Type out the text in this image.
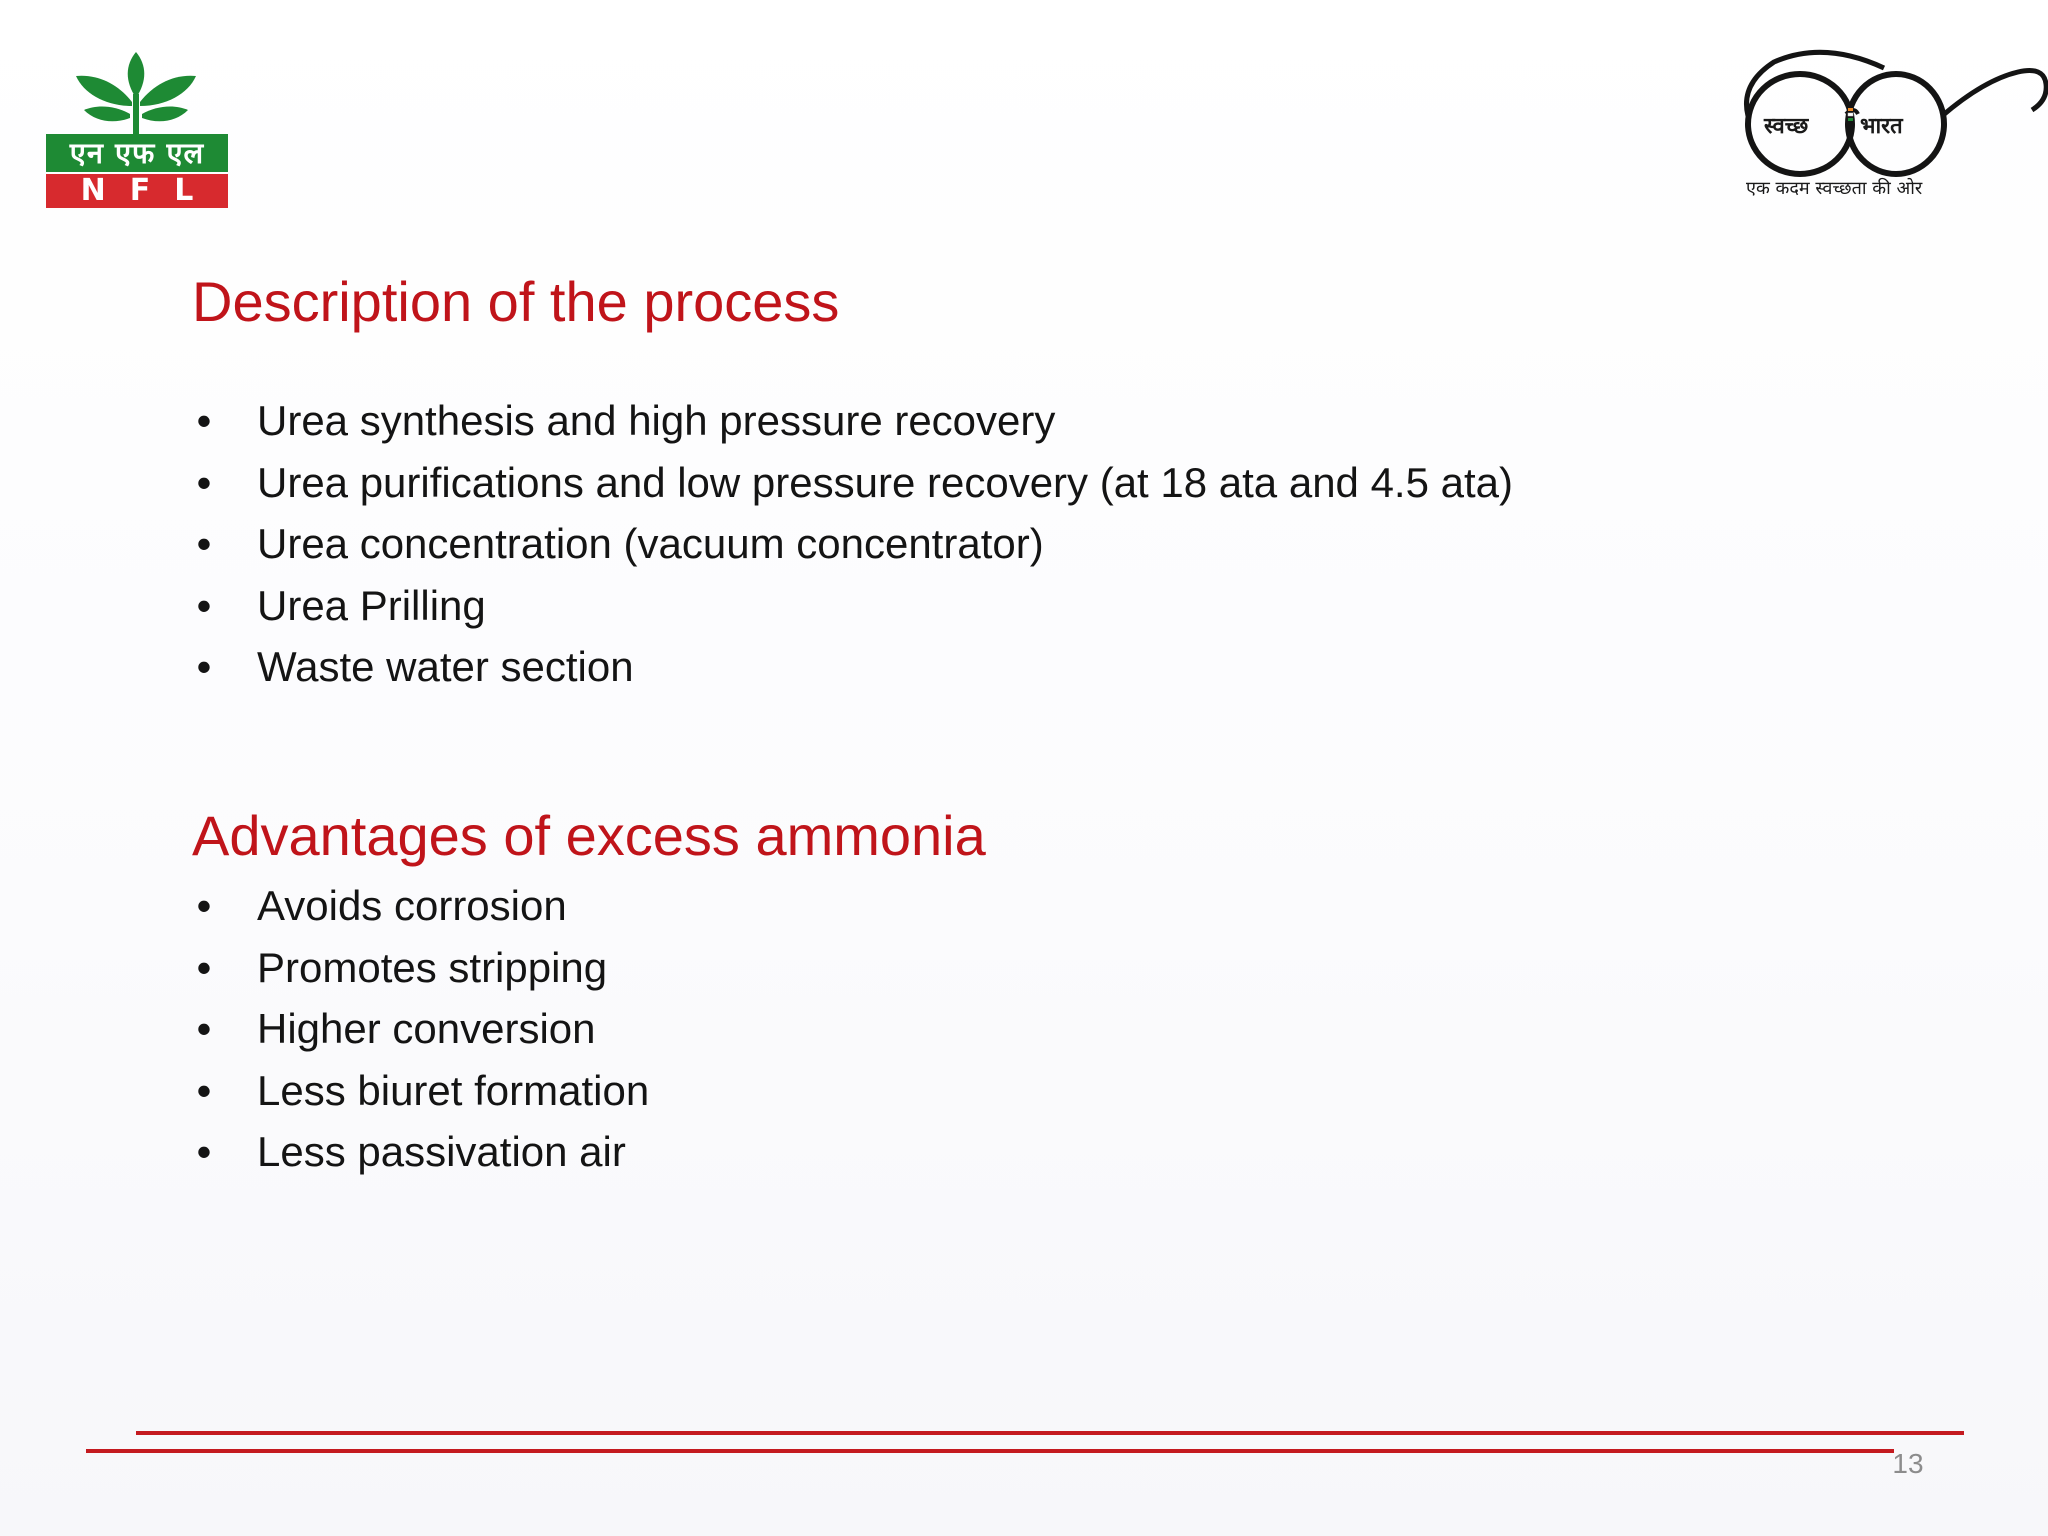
एन एफ एल
NFL
स्वच्छ भारत
एक कदम स्वच्छता की ओर
Description of the process
• Urea synthesis and high pressure recovery
• Urea purifications and low pressure recovery (at 18 ata and 4.5 ata)
• Urea concentration (vacuum concentrator)
• Urea Prilling
• Waste water section
Advantages of excess ammonia
• Avoids corrosion
• Promotes stripping
• Higher conversion
• Less biuret formation
• Less passivation air
13
